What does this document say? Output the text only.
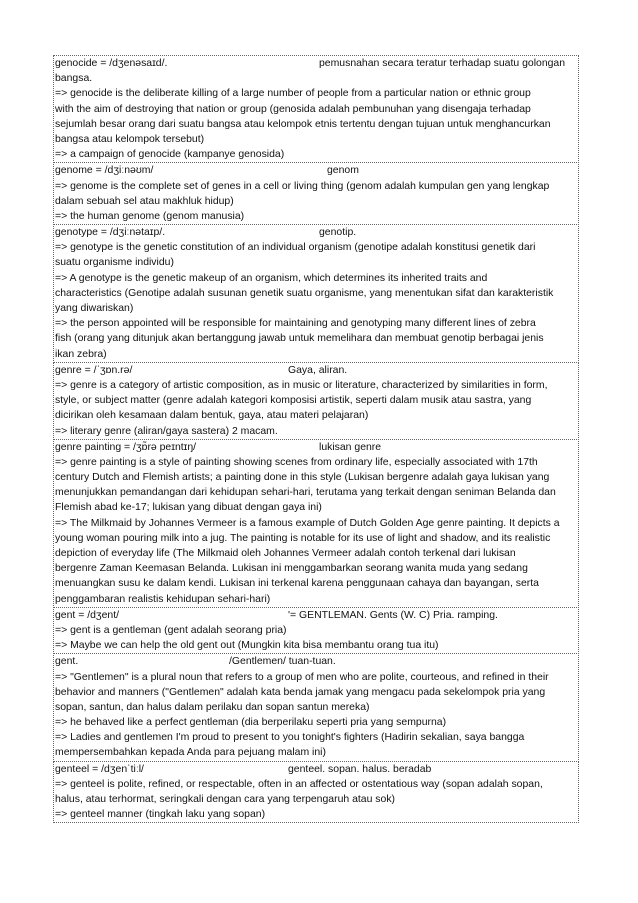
genocide = /dʒenəsaɪd/.	pemusnahan secara teratur terhadap suatu golongan
bangsa.
=> genocide is the deliberate killing of a large number of people from a particular nation or ethnic group
with the aim of destroying that nation or group (genosida adalah pembunuhan yang disengaja terhadap
sejumlah besar orang dari suatu bangsa atau kelompok etnis tertentu dengan tujuan untuk menghancurkan
bangsa atau kelompok tersebut)
=> a campaign of genocide (kampanye genosida)
genome = /dʒiːnəʊm/	genom
=> genome is the complete set of genes in a cell or living thing (genom adalah kumpulan gen yang lengkap
dalam sebuah sel atau makhluk hidup)
=> the human genome (genom manusia)
genotype = /dʒiːnətaɪp/.	genotip.
=> genotype is the genetic constitution of an individual organism (genotipe adalah konstitusi genetik dari
suatu organisme individu)
=> A genotype is the genetic makeup of an organism, which determines its inherited traits and
characteristics (Genotipe adalah susunan genetik suatu organisme, yang menentukan sifat dan karakteristik
yang diwariskan)
=> the person appointed will be responsible for maintaining and genotyping many different lines of zebra
fish (orang yang ditunjuk akan bertanggung jawab untuk memelihara dan membuat genotip berbagai jenis
ikan zebra)
genre = /ˈʒɒn.rə/	Gaya, aliran.
=> genre is a category of artistic composition, as in music or literature, characterized by similarities in form,
style, or subject matter (genre adalah kategori komposisi artistik, seperti dalam musik atau sastra, yang
dicirikan oleh kesamaan dalam bentuk, gaya, atau materi pelajaran)
=> literary genre (aliran/gaya sastera) 2 macam.
genre painting = /ʒɒ̃rə peɪntɪŋ/	lukisan genre
=> genre painting is a style of painting showing scenes from ordinary life, especially associated with 17th
century Dutch and Flemish artists; a painting done in this style (Lukisan bergenre adalah gaya lukisan yang
menunjukkan pemandangan dari kehidupan sehari-hari, terutama yang terkait dengan seniman Belanda dan
Flemish abad ke-17; lukisan yang dibuat dengan gaya ini)
=> The Milkmaid by Johannes Vermeer is a famous example of Dutch Golden Age genre painting. It depicts a
young woman pouring milk into a jug. The painting is notable for its use of light and shadow, and its realistic
depiction of everyday life (The Milkmaid oleh Johannes Vermeer adalah contoh terkenal dari lukisan
bergenre Zaman Keemasan Belanda. Lukisan ini menggambarkan seorang wanita muda yang sedang
menuangkan susu ke dalam kendi. Lukisan ini terkenal karena penggunaan cahaya dan bayangan, serta
penggambaran realistis kehidupan sehari-hari)
gent = /dʒent/	'= GENTLEMAN. Gents (W. C) Pria. ramping.
=> gent is a gentleman (gent adalah seorang pria)
=> Maybe we can help the old gent out (Mungkin kita bisa membantu orang tua itu)
gent.	/Gentlemen/ tuan-tuan.
=> "Gentlemen" is a plural noun that refers to a group of men who are polite, courteous, and refined in their
behavior and manners ("Gentlemen" adalah kata benda jamak yang mengacu pada sekelompok pria yang
sopan, santun, dan halus dalam perilaku dan sopan santun mereka)
=> he behaved like a perfect gentleman (dia berperilaku seperti pria yang sempurna)
=> Ladies and gentlemen I'm proud to present to you tonight's fighters (Hadirin sekalian, saya bangga
mempersembahkan kepada Anda para pejuang malam ini)
genteel = /dʒenˈtiːl/	genteel. sopan. halus. beradab
=> genteel is polite, refined, or respectable, often in an affected or ostentatious way (sopan adalah sopan,
halus, atau terhormat, seringkali dengan cara yang terpengaruh atau sok)
=> genteel manner (tingkah laku yang sopan)
